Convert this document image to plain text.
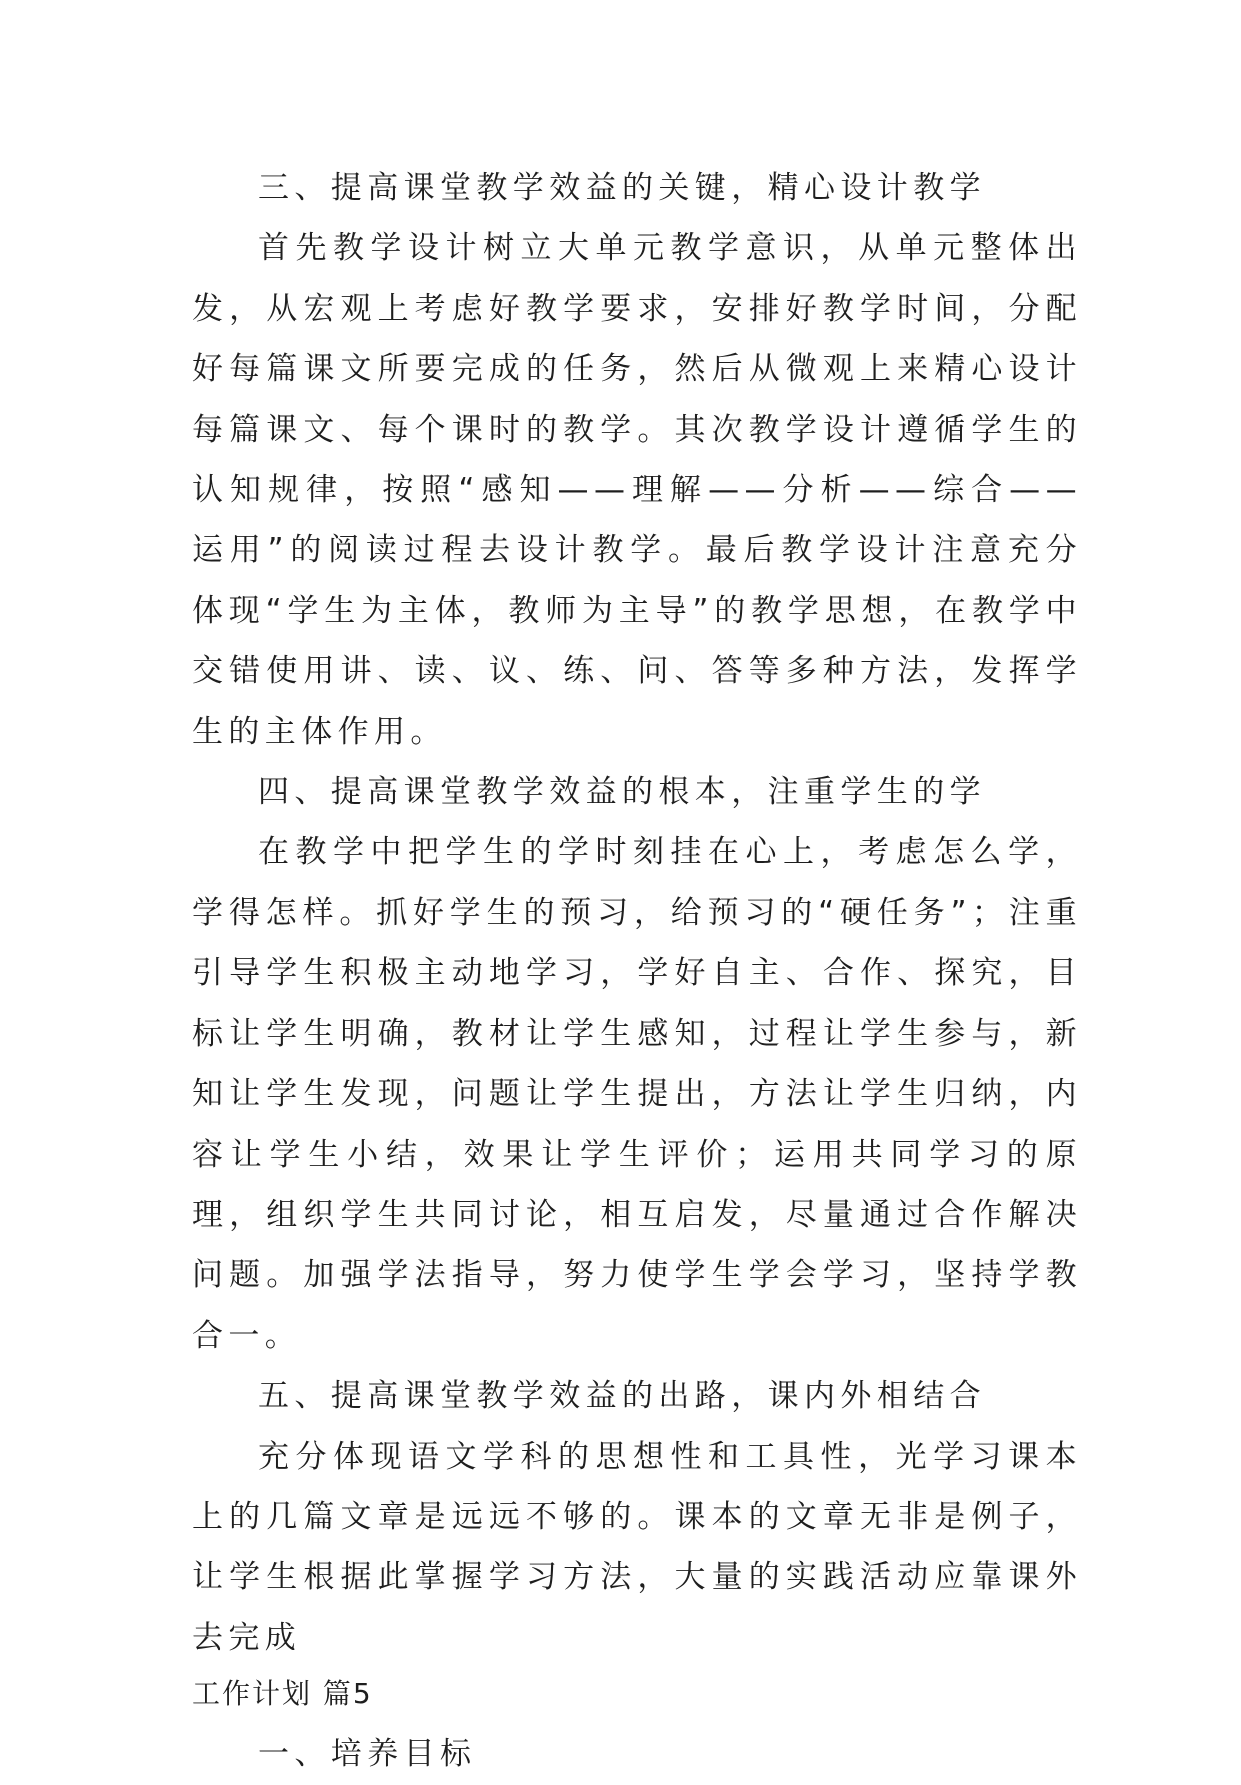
三、提高课堂教学效益的关键，精心设计教学

首先教学设计树立大单元教学意识，从单元整体出发，从宏观上考虑好教学要求，安排好教学时间，分配好每篇课文所要完成的任务，然后从微观上来精心设计每篇课文、每个课时的教学。其次教学设计遵循学生的认知规律，按照“感知——理解——分析——综合——运用”的阅读过程去设计教学。最后教学设计注意充分体现“学生为主体，教师为主导”的教学思想，在教学中交错使用讲、读、议、练、问、答等多种方法，发挥学生的主体作用。

四、提高课堂教学效益的根本，注重学生的学

在教学中把学生的学时刻挂在心上，考虑怎么学，学得怎样。抓好学生的预习，给预习的“硬任务”；注重引导学生积极主动地学习，学好自主、合作、探究，目标让学生明确，教材让学生感知，过程让学生参与，新知让学生发现，问题让学生提出，方法让学生归纳，内容让学生小结，效果让学生评价；运用共同学习的原理，组织学生共同讨论，相互启发，尽量通过合作解决问题。加强学法指导，努力使学生学会学习，坚持学教合一。

五、提高课堂教学效益的出路，课内外相结合

充分体现语文学科的思想性和工具性，光学习课本上的几篇文章是远远不够的。课本的文章无非是例子，让学生根据此掌握学习方法，大量的实践活动应靠课外去完成

工作计划 篇5

一、培养目标
